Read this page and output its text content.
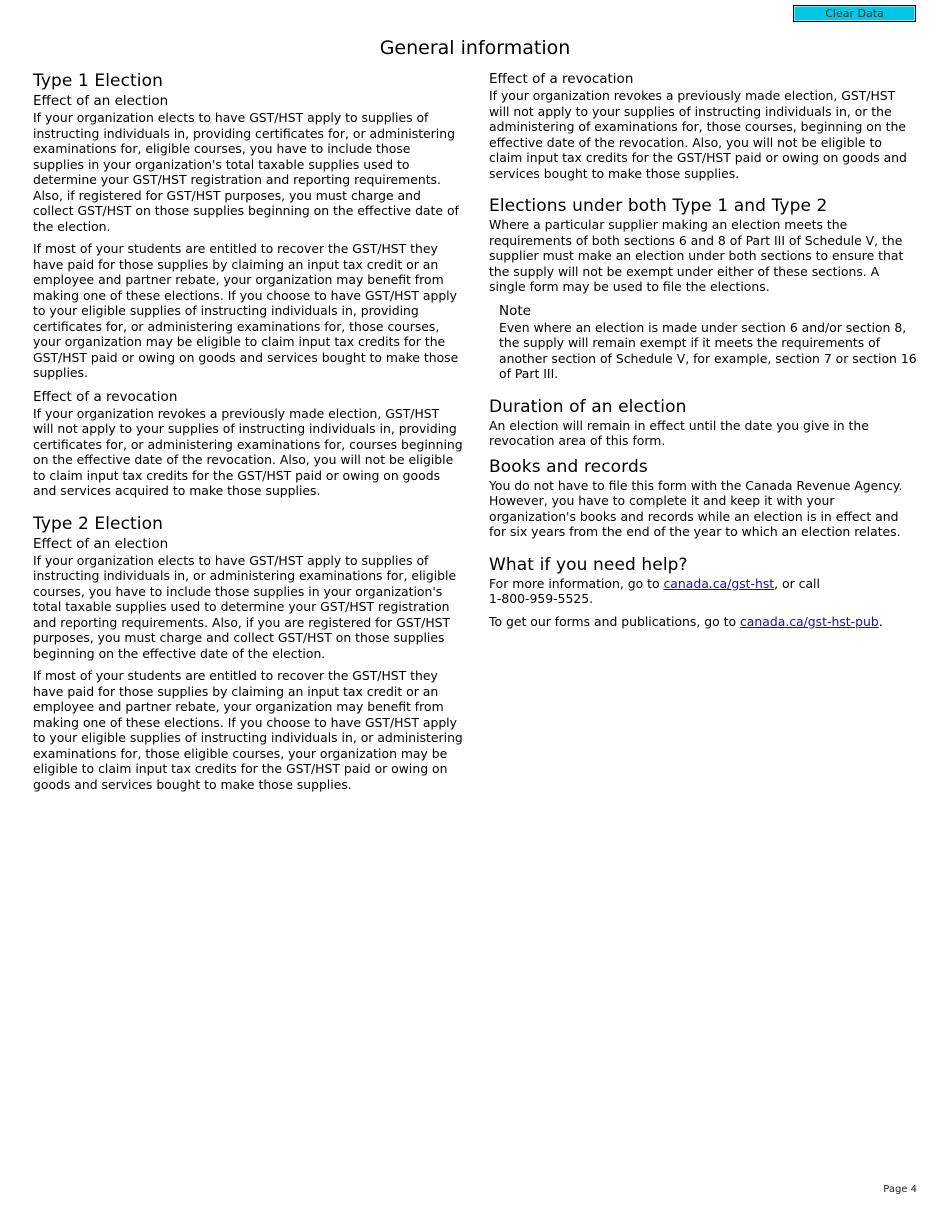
Clear Data
General information
Type 1 Election
Effect of an election

If your organization elects to have GST/HST apply to supplies of instructing individuals in, providing certificates for, or administering examinations for, eligible courses, you have to include those supplies in your organization's total taxable supplies used to determine your GST/HST registration and reporting requirements. Also, if registered for GST/HST purposes, you must charge and collect GST/HST on those supplies beginning on the effective date of the election.

If most of your students are entitled to recover the GST/HST they have paid for those supplies by claiming an input tax credit or an employee and partner rebate, your organization may benefit from making one of these elections. If you choose to have GST/HST apply to your eligible supplies of instructing individuals in, providing certificates for, or administering examinations for, those courses, your organization may be eligible to claim input tax credits for the GST/HST paid or owing on goods and services bought to make those supplies.

Effect of a revocation

If your organization revokes a previously made election, GST/HST will not apply to your supplies of instructing individuals in, providing certificates for, or administering examinations for, courses beginning on the effective date of the revocation. Also, you will not be eligible to claim input tax credits for the GST/HST paid or owing on goods and services acquired to make those supplies.

Type 2 Election
Effect of an election

If your organization elects to have GST/HST apply to supplies of instructing individuals in, or administering examinations for, eligible courses, you have to include those supplies in your organization's total taxable supplies used to determine your GST/HST registration and reporting requirements. Also, if you are registered for GST/HST purposes, you must charge and collect GST/HST on those supplies beginning on the effective date of the election.

If most of your students are entitled to recover the GST/HST they have paid for those supplies by claiming an input tax credit or an employee and partner rebate, your organization may benefit from making one of these elections. If you choose to have GST/HST apply to your eligible supplies of instructing individuals in, or administering examinations for, those eligible courses, your organization may be eligible to claim input tax credits for the GST/HST paid or owing on goods and services bought to make those supplies.

Effect of a revocation

If your organization revokes a previously made election, GST/HST will not apply to your supplies of instructing individuals in, or the administering of examinations for, those courses, beginning on the effective date of the revocation. Also, you will not be eligible to claim input tax credits for the GST/HST paid or owing on goods and services bought to make those supplies.

Elections under both Type 1 and Type 2

Where a particular supplier making an election meets the requirements of both sections 6 and 8 of Part III of Schedule V, the supplier must make an election under both sections to ensure that the supply will not be exempt under either of these sections. A single form may be used to file the elections.

Note

Even where an election is made under section 6 and/or section 8, the supply will remain exempt if it meets the requirements of another section of Schedule V, for example, section 7 or section 16 of Part III.

Duration of an election

An election will remain in effect until the date you give in the revocation area of this form.

Books and records

You do not have to file this form with the Canada Revenue Agency. However, you have to complete it and keep it with your organization's books and records while an election is in effect and for six years from the end of the year to which an election relates.

What if you need help?

For more information, go to canada.ca/gst-hst, or call
1-800-959-5525.

To get our forms and publications, go to canada.ca/gst-hst-pub.

Page 4
